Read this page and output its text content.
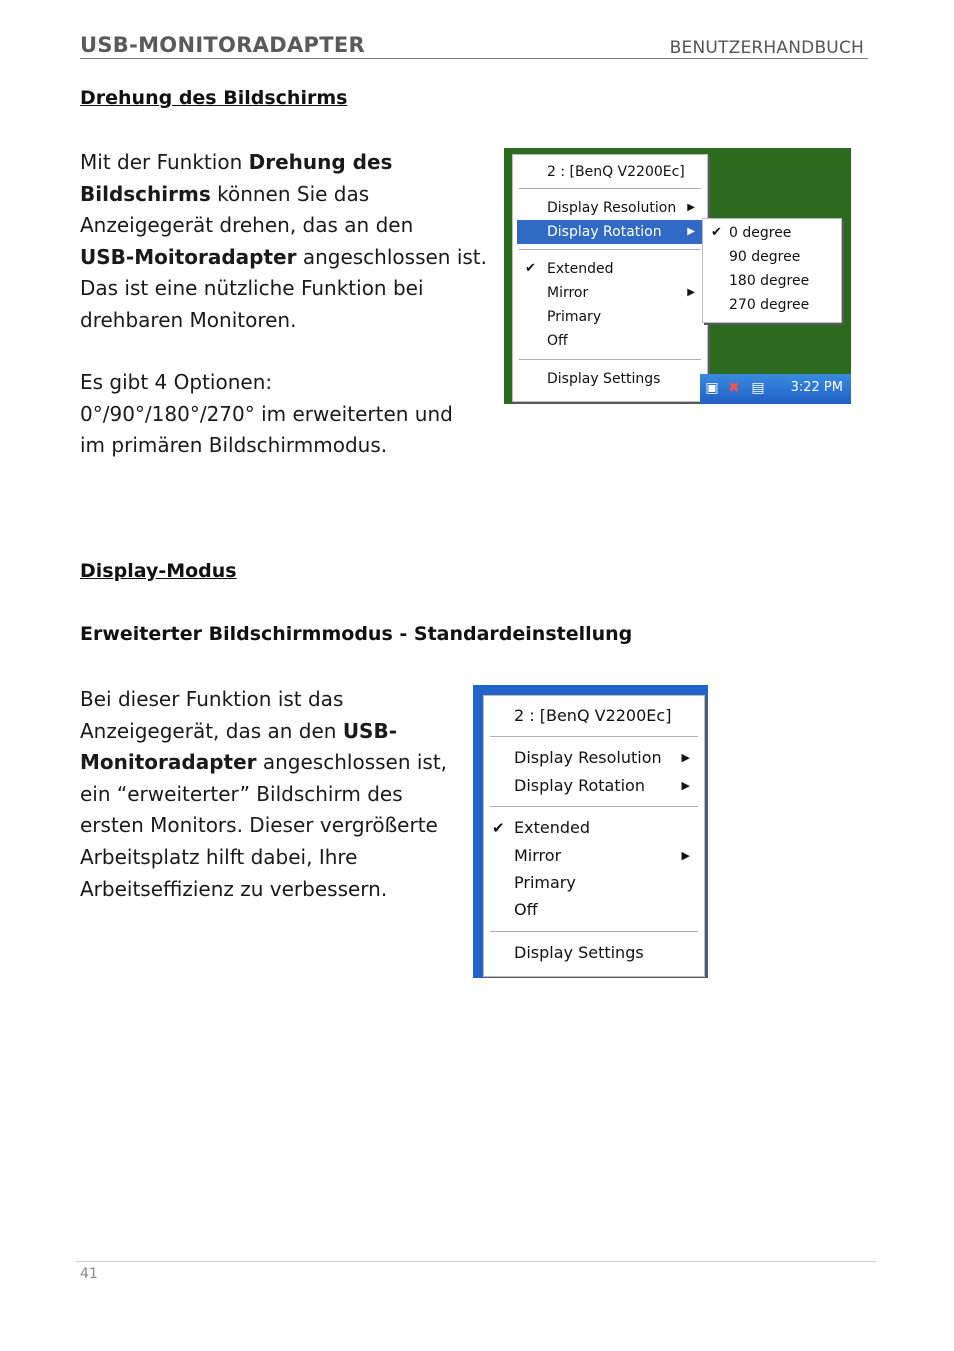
USB-MONITORADAPTER	BENUTZERHANDBUCH
Drehung des Bildschirms
Mit der Funktion Drehung des
Bildschirms können Sie das
Anzeigegerät drehen, das an den
USB-Moitoradapter angeschlossen ist.
Das ist eine nützliche Funktion bei
drehbaren Monitoren.
Es gibt 4 Optionen:
0°/90°/180°/270° im erweiterten und
im primären Bildschirmmodus.
2 : [BenQ V2200Ec]
Display Resolution ▶
Display Rotation	▶
✔ Extended
Mirror	▶
Primary
Off
Display Settings
✔ 0 degree
90 degree
180 degree
270 degree
▣ ✖ ▤ 3:22 PM
Display-Modus
Erweiterter Bildschirmmodus - Standardeinstellung
Bei dieser Funktion ist das
Anzeigegerät, das an den USB-
Monitoradapter angeschlossen ist,
ein “erweiterter” Bildschirm des
ersten Monitors. Dieser vergrößerte
Arbeitsplatz hilft dabei, Ihre
Arbeitseffizienz zu verbessern.
2 : [BenQ V2200Ec]
Display Resolution ▶
Display Rotation	▶
✔ Extended
Mirror	▶
Primary
Off
Display Settings
41
